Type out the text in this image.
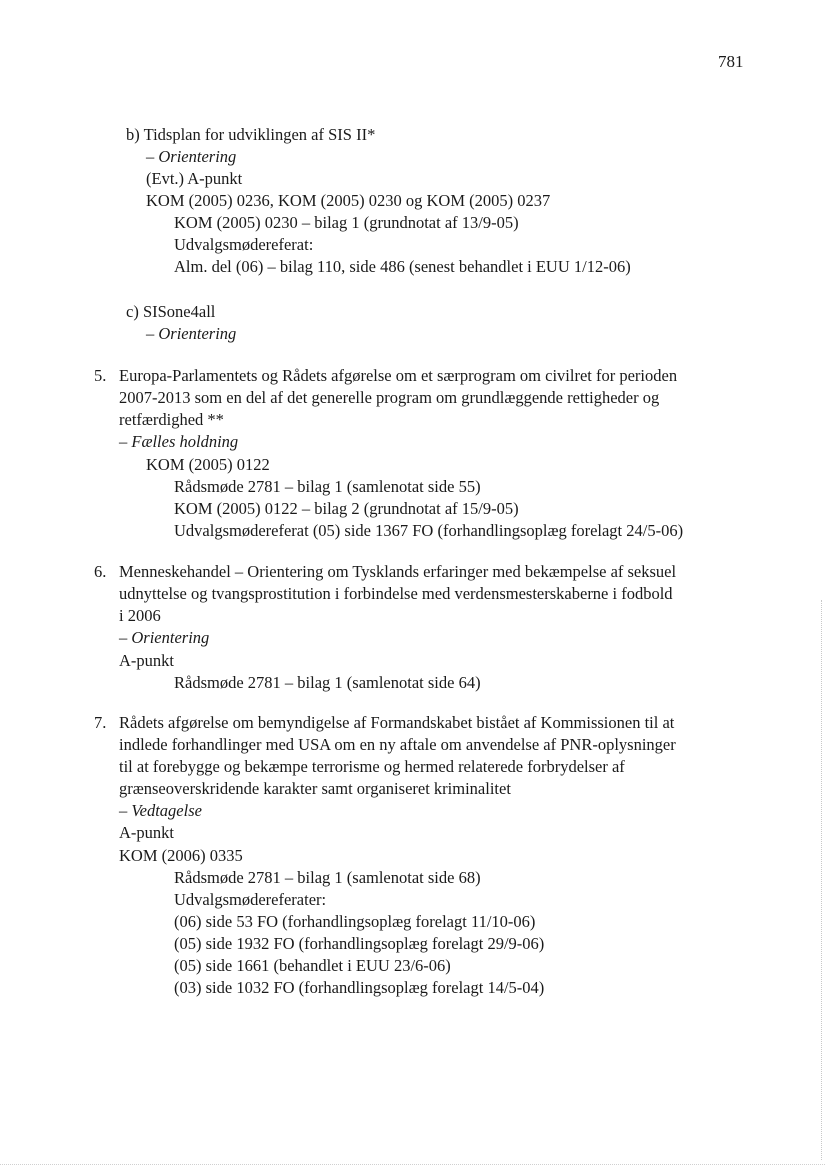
781
b) Tidsplan for udviklingen af SIS II*
– Orientering
(Evt.) A-punkt
KOM (2005) 0236, KOM (2005) 0230 og KOM (2005) 0237
KOM (2005) 0230 – bilag 1 (grundnotat af 13/9-05)
Udvalgsmødereferat:
Alm. del (06) – bilag 110, side 486 (senest behandlet i EUU 1/12-06)
c) SISone4all
– Orientering
5. Europa-Parlamentets og Rådets afgørelse om et særprogram om civilret for perioden
2007-2013 som en del af det generelle program om grundlæggende rettigheder og
retfærdighed **
– Fælles holdning
KOM (2005) 0122
Rådsmøde 2781 – bilag 1 (samlenotat side 55)
KOM (2005) 0122 – bilag 2 (grundnotat af 15/9-05)
Udvalgsmødereferat (05) side 1367 FO (forhandlingsoplæg forelagt 24/5-06)
6. Menneskehandel – Orientering om Tysklands erfaringer med bekæmpelse af seksuel
udnyttelse og tvangsprostitution i forbindelse med verdensmesterskaberne i fodbold
i 2006
– Orientering
A-punkt
Rådsmøde 2781 – bilag 1 (samlenotat side 64)
7. Rådets afgørelse om bemyndigelse af Formandskabet bistået af Kommissionen til at
indlede forhandlinger med USA om en ny aftale om anvendelse af PNR-oplysninger
til at forebygge og bekæmpe terrorisme og hermed relaterede forbrydelser af
grænseoverskridende karakter samt organiseret kriminalitet
– Vedtagelse
A-punkt
KOM (2006) 0335
Rådsmøde 2781 – bilag 1 (samlenotat side 68)
Udvalgsmødereferater:
(06) side 53 FO (forhandlingsoplæg forelagt 11/10-06)
(05) side 1932 FO (forhandlingsoplæg forelagt 29/9-06)
(05) side 1661 (behandlet i EUU 23/6-06)
(03) side 1032 FO (forhandlingsoplæg forelagt 14/5-04)
